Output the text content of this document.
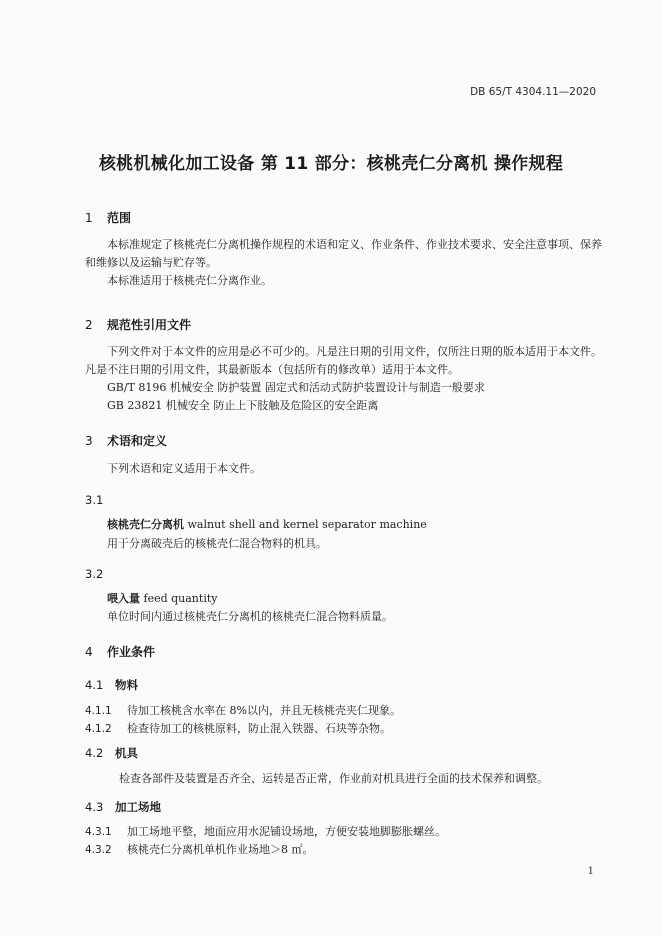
DB 65/T 4304.11—2020
核桃机械化加工设备 第 11 部分：核桃壳仁分离机 操作规程
1 范围

本标准规定了核桃壳仁分离机操作规程的术语和定义、作业条件、作业技术要求、安全注意事项、保养和维修以及运输与贮存等。

本标准适用于核桃壳仁分离作业。

2 规范性引用文件

下列文件对于本文件的应用是必不可少的。凡是注日期的引用文件，仅所注日期的版本适用于本文件。凡是不注日期的引用文件，其最新版本（包括所有的修改单）适用于本文件。

GB/T 8196 机械安全 防护装置 固定式和活动式防护装置设计与制造一般要求

GB 23821 机械安全 防止上下肢触及危险区的安全距离

3 术语和定义

下列术语和定义适用于本文件。

3.1
核桃壳仁分离机 walnut shell and kernel separator machine
用于分离破壳后的核桃壳仁混合物料的机具。
3.2
喂入量 feed quantity
单位时间内通过核桃壳仁分离机的核桃壳仁混合物料质量。
4 作业条件
4.1 物料
4.1.1 待加工核桃含水率在 8%以内，并且无核桃壳夹仁现象。
4.1.2 检查待加工的核桃原料，防止混入铁器、石块等杂物。
4.2 机具
检查各部件及装置是否齐全、运转是否正常，作业前对机具进行全面的技术保养和调整。
4.3 加工场地
4.3.1 加工场地平整，地面应用水泥铺设场地，方便安装地脚膨胀螺丝。
4.3.2 核桃壳仁分离机单机作业场地＞8 ㎡。
1
